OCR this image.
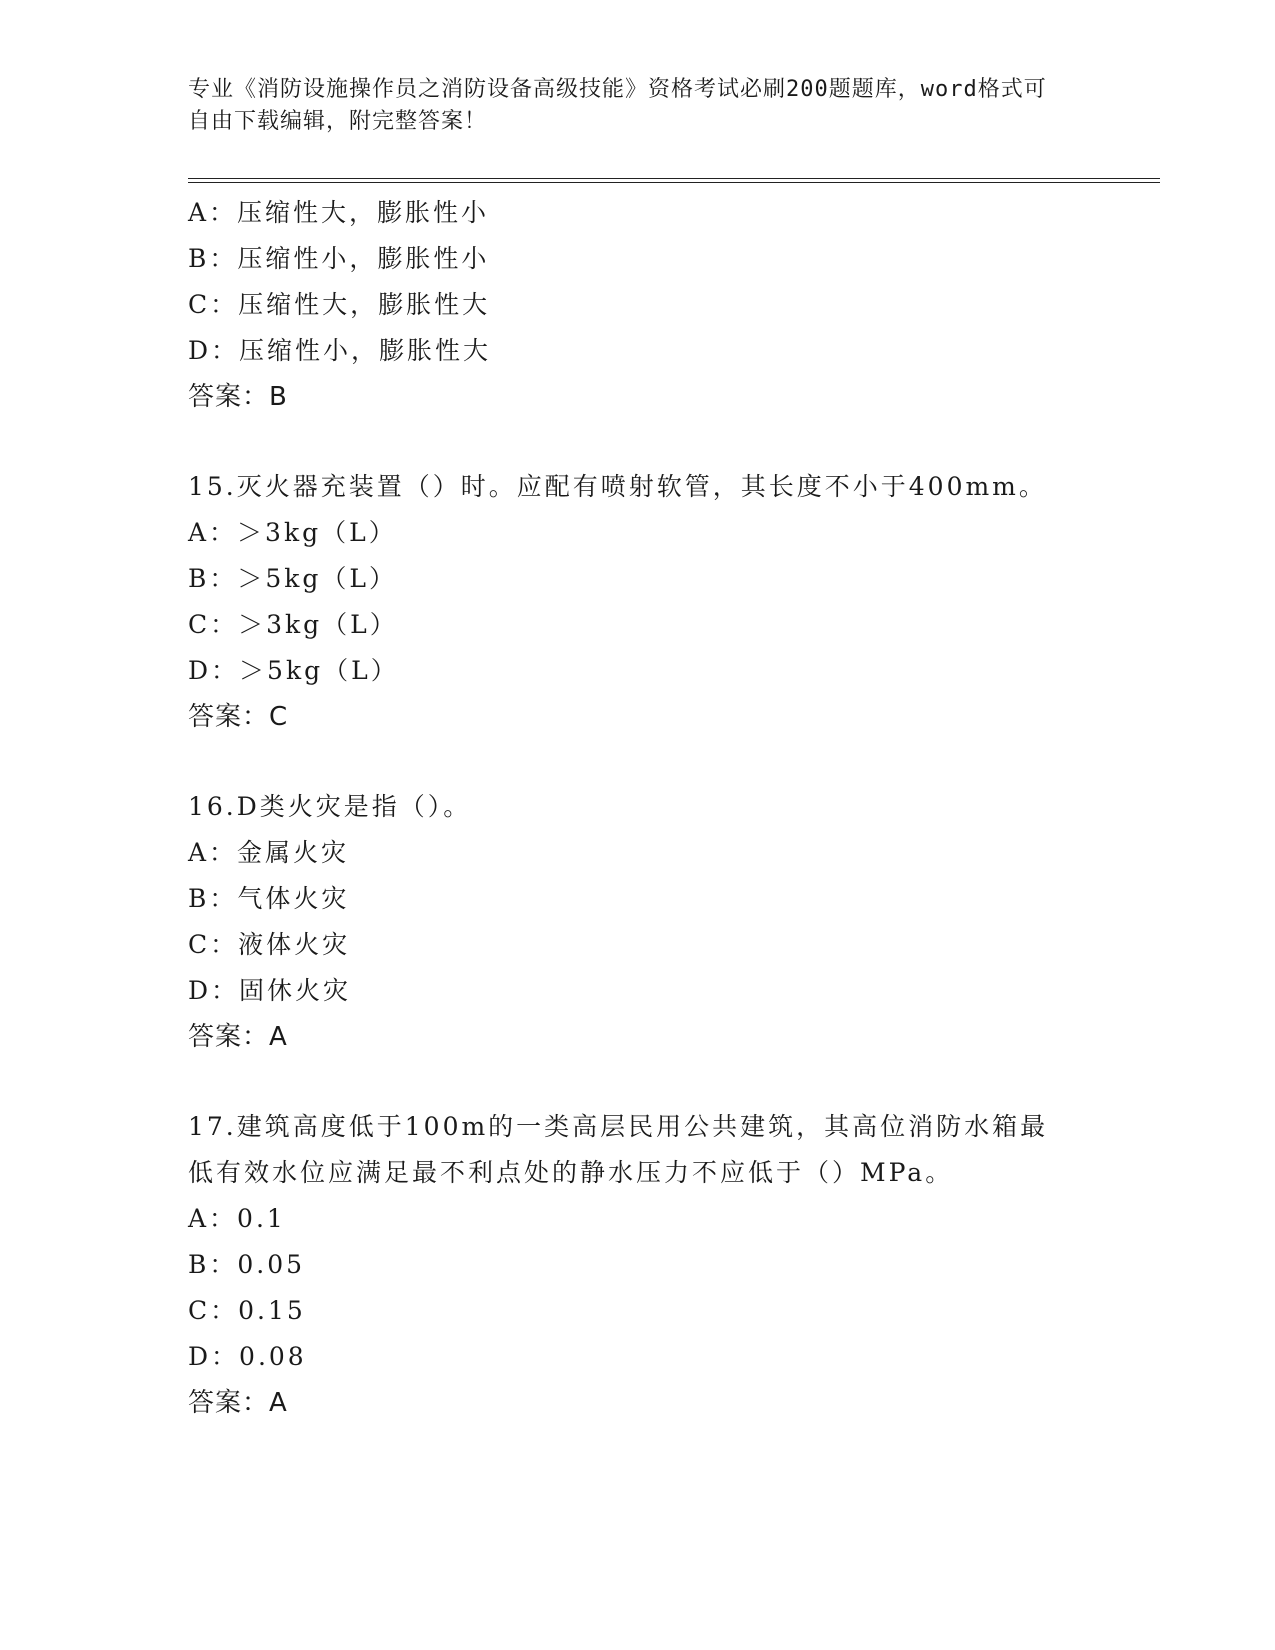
专业《消防设施操作员之消防设备高级技能》资格考试必刷200题题库，word格式可自由下载编辑，附完整答案！
A：压缩性大，膨胀性小
B：压缩性小，膨胀性小
C：压缩性大，膨胀性大
D：压缩性小，膨胀性大
答案：B
15.灭火器充装置（）时。应配有喷射软管，其长度不小于400mm。
A：＞3kg（L）
B：＞5kg（L）
C：＞3kg（L）
D：＞5kg（L）
答案：C
16.D类火灾是指（）。
A：金属火灾
B：气体火灾
C：液体火灾
D：固休火灾
答案：A
17.建筑高度低于100m的一类高层民用公共建筑，其高位消防水箱最
低有效水位应满足最不利点处的静水压力不应低于（）MPa。
A：0.1
B：0.05
C：0.15
D：0.08
答案：A
